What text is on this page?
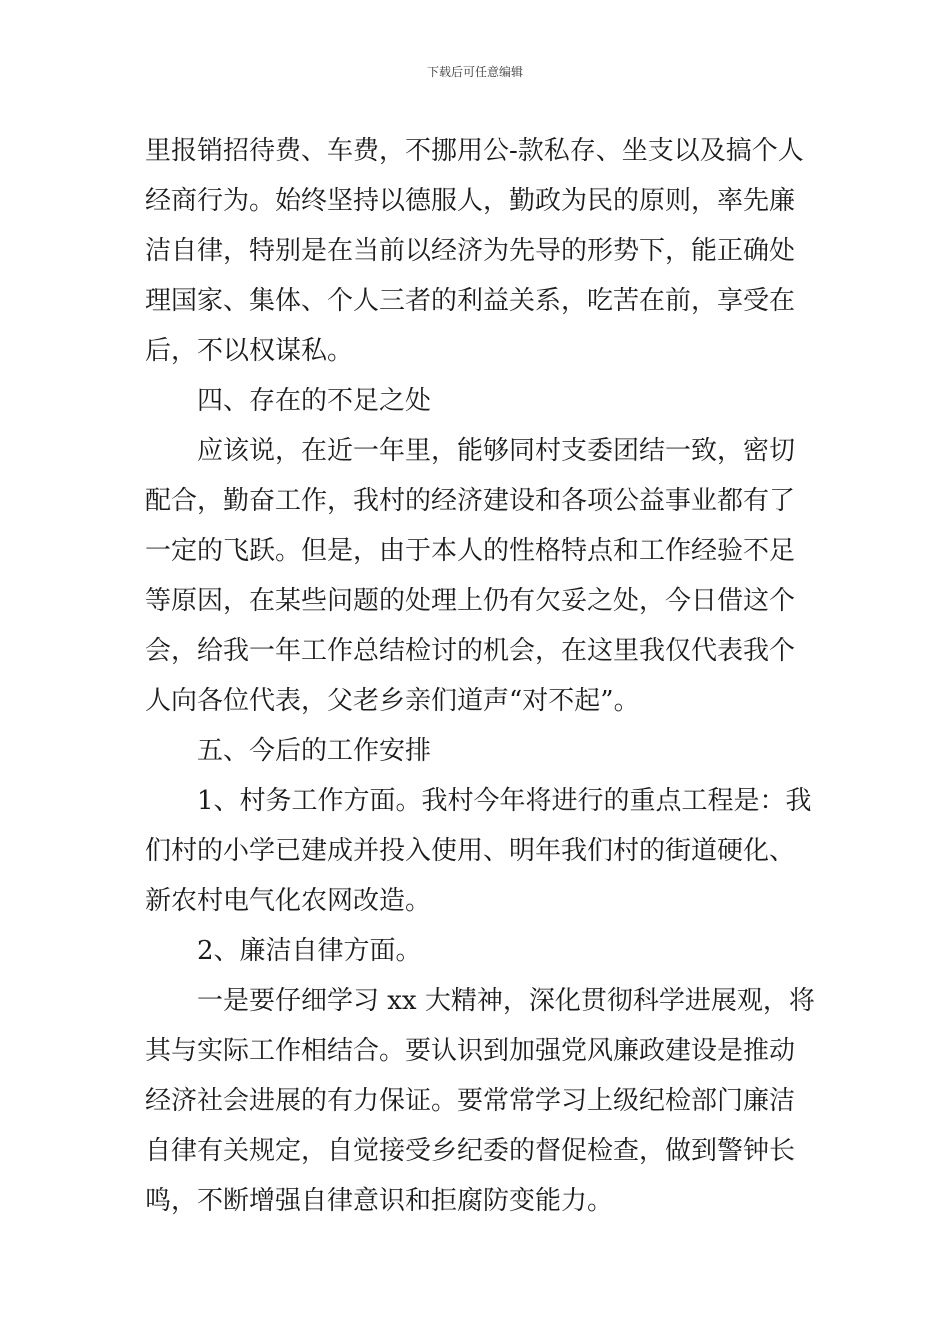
下载后可任意编辑
里报销招待费、车费，不挪用公-款私存、坐支以及搞个人
经商行为。始终坚持以德服人，勤政为民的原则，率先廉
洁自律，特别是在当前以经济为先导的形势下，能正确处
理国家、集体、个人三者的利益关系，吃苦在前，享受在
后，不以权谋私。
四、存在的不足之处
应该说，在近一年里，能够同村支委团结一致，密切
配合，勤奋工作，我村的经济建设和各项公益事业都有了
一定的飞跃。但是，由于本人的性格特点和工作经验不足
等原因，在某些问题的处理上仍有欠妥之处，今日借这个
会，给我一年工作总结检讨的机会，在这里我仅代表我个
人向各位代表，父老乡亲们道声“对不起”。
五、今后的工作安排
1、村务工作方面。我村今年将进行的重点工程是：我
们村的小学已建成并投入使用、明年我们村的街道硬化、
新农村电气化农网改造。
2、廉洁自律方面。
一是要仔细学习 xx 大精神，深化贯彻科学进展观，将
其与实际工作相结合。要认识到加强党风廉政建设是推动
经济社会进展的有力保证。要常常学习上级纪检部门廉洁
自律有关规定，自觉接受乡纪委的督促检查，做到警钟长
鸣，不断增强自律意识和拒腐防变能力。
